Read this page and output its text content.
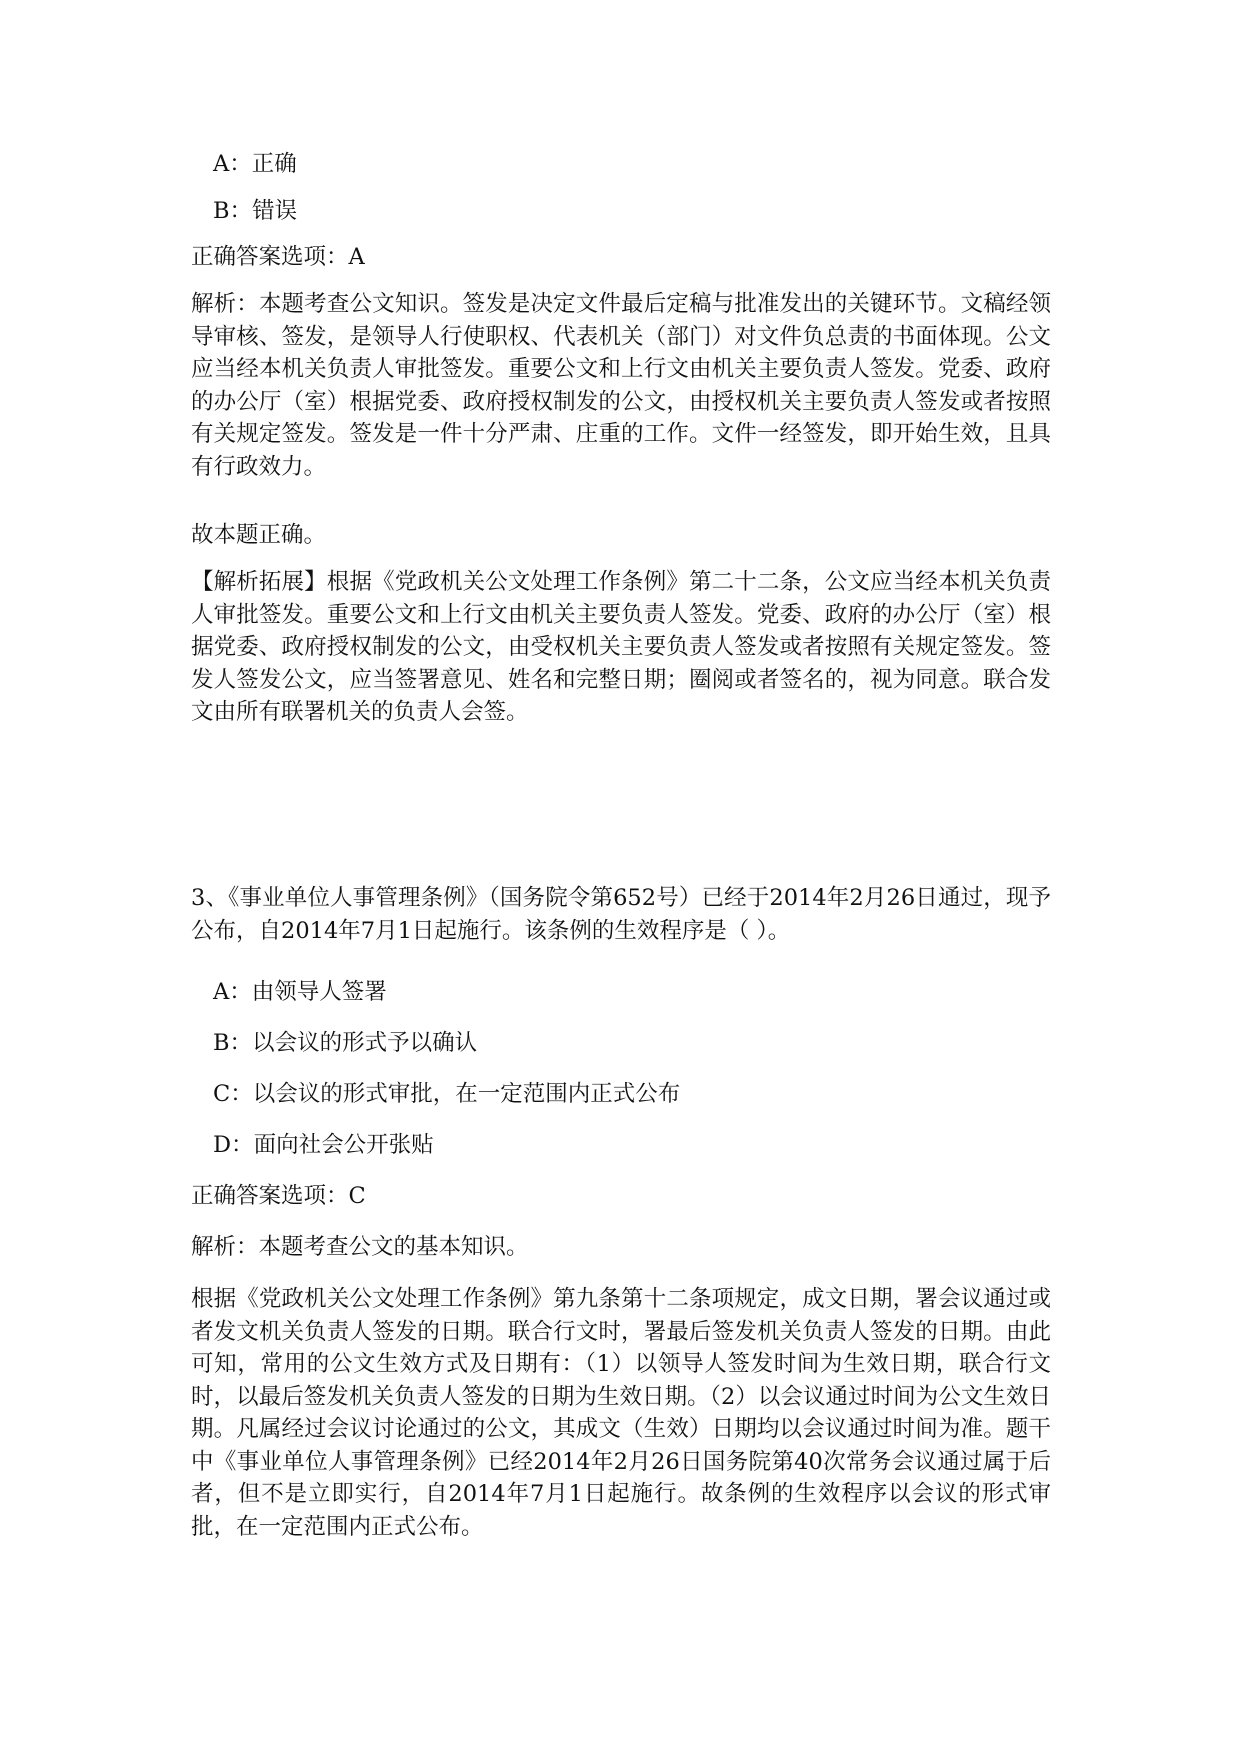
A：正确
B：错误
正确答案选项：A
解析：本题考查公文知识。签发是决定文件最后定稿与批准发出的关键环节。文稿经领导审核、签发，是领导人行使职权、代表机关（部门）对文件负总责的书面体现。公文应当经本机关负责人审批签发。重要公文和上行文由机关主要负责人签发。党委、政府的办公厅（室）根据党委、政府授权制发的公文，由授权机关主要负责人签发或者按照有关规定签发。签发是一件十分严肃、庄重的工作。文件一经签发，即开始生效，且具有行政效力。
故本题正确。
【解析拓展】根据《党政机关公文处理工作条例》第二十二条，公文应当经本机关负责人审批签发。重要公文和上行文由机关主要负责人签发。党委、政府的办公厅（室）根据党委、政府授权制发的公文，由受权机关主要负责人签发或者按照有关规定签发。签发人签发公文，应当签署意见、姓名和完整日期；圈阅或者签名的，视为同意。联合发文由所有联署机关的负责人会签。
3、《事业单位人事管理条例》（国务院令第652号）已经于2014年2月26日通过，现予公布，自2014年7月1日起施行。该条例的生效程序是（ ）。
A：由领导人签署
B：以会议的形式予以确认
C：以会议的形式审批，在一定范围内正式公布
D：面向社会公开张贴
正确答案选项：C
解析：本题考查公文的基本知识。
根据《党政机关公文处理工作条例》第九条第十二条项规定，成文日期，署会议通过或者发文机关负责人签发的日期。联合行文时，署最后签发机关负责人签发的日期。由此可知，常用的公文生效方式及日期有：（1）以领导人签发时间为生效日期，联合行文时，以最后签发机关负责人签发的日期为生效日期。（2）以会议通过时间为公文生效日期。凡属经过会议讨论通过的公文，其成文（生效）日期均以会议通过时间为准。题干中《事业单位人事管理条例》已经2014年2月26日国务院第40次常务会议通过属于后者，但不是立即实行，自2014年7月1日起施行。故条例的生效程序以会议的形式审批，在一定范围内正式公布。
